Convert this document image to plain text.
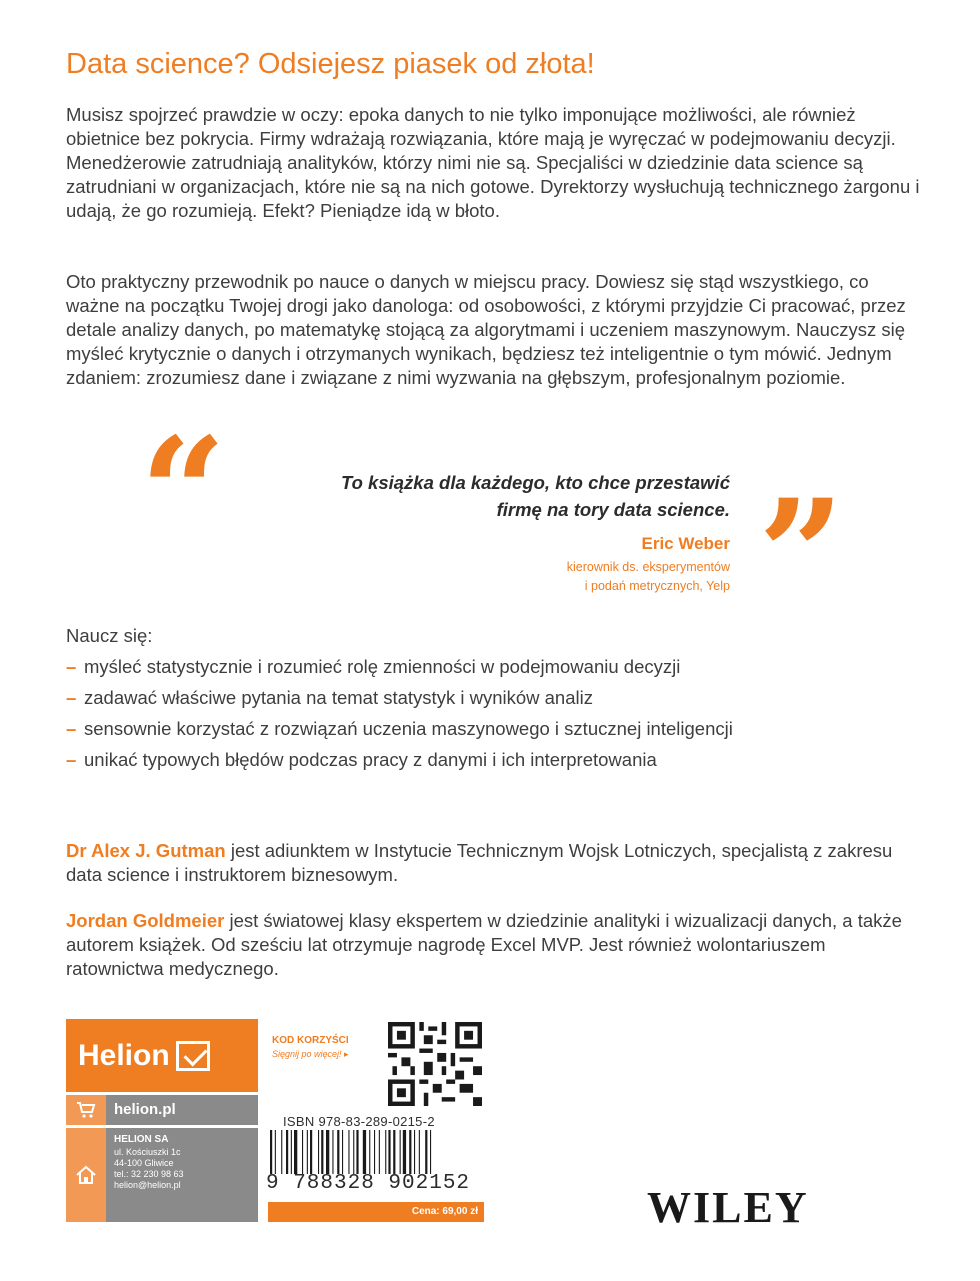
Data science? Odsiejesz piasek od złota!

Musisz spojrzeć prawdzie w oczy: epoka danych to nie tylko imponujące możliwości, ale również obietnice bez pokrycia. Firmy wdrażają rozwiązania, które mają je wyręczać w podejmowaniu decyzji. Menedżerowie zatrudniają analityków, którzy nimi nie są. Specjaliści w dziedzinie data science są zatrudniani w organizacjach, które nie są na nich gotowe. Dyrektorzy wysłuchują technicznego żargonu i udają, że go rozumieją. Efekt? Pieniądze idą w błoto.

Oto praktyczny przewodnik po nauce o danych w miejscu pracy. Dowiesz się stąd wszystkiego, co ważne na początku Twojej drogi jako danologa: od osobowości, z którymi przyjdzie Ci pracować, przez detale analizy danych, po matematykę stojącą za algorytmami i uczeniem maszynowym. Nauczysz się myśleć krytycznie o danych i otrzymanych wynikach, będziesz też inteligentnie o tym mówić. Jednym zdaniem: zrozumiesz dane i związane z nimi wyzwania na głębszym, profesjonalnym poziomie.

“	To książka dla każdego, kto chce przestawić
firmę na tory data science. ”
Eric Weber
kierownik ds. eksperymentów
i podań metrycznych, Yelp
Naucz się:
– myśleć statystycznie i rozumieć rolę zmienności w podejmowaniu decyzji
– zadawać właściwe pytania na temat statystyk i wyników analiz
– sensownie korzystać z rozwiązań uczenia maszynowego i sztucznej inteligencji
– unikać typowych błędów podczas pracy z danymi i ich interpretowania

Dr Alex J. Gutman jest adiunktem w Instytucie Technicznym Wojsk Lotniczych, specjalistą z zakresu data science i instruktorem biznesowym.

Jordan Goldmeier jest światowej klasy ekspertem w dziedzinie analityki i wizualizacji danych, a także autorem książek. Od sześciu lat otrzymuje nagrodę Excel MVP. Jest również wolontariuszem ratownictwa medycznego.

Helion
helion.pl
HELION SA
ul. Kościuszki 1c
44-100 Gliwice
tel.: 32 230 98 63
helion@helion.pl
KOD KORZYŚCI
Sięgnij po więcej! ▸
ISBN 978-83-289-0215-2
9 788328 902152
Cena: 69,00 zł	WILEY
